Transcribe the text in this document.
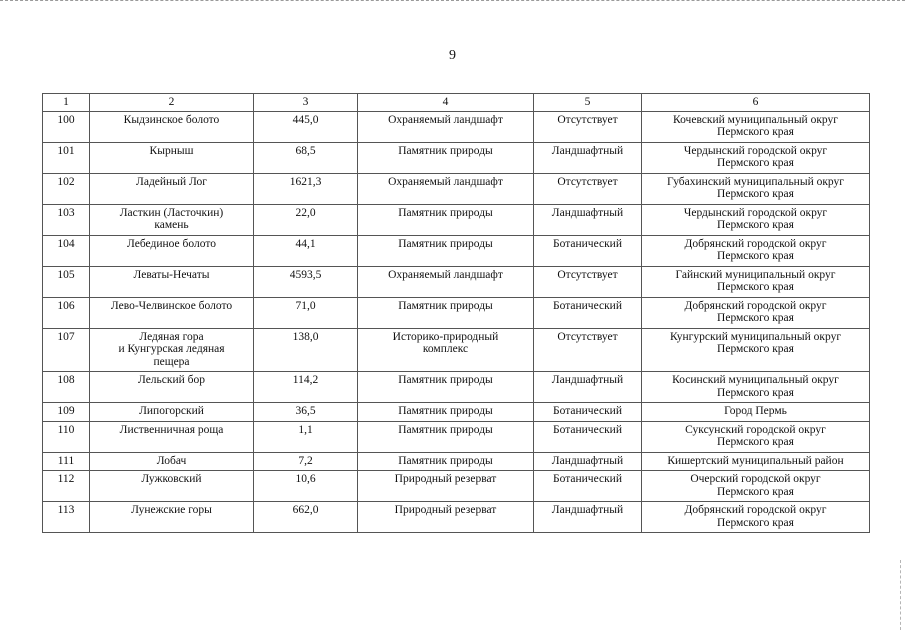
9
1	2	3	4	5	6
100	Кыдзинское болото	445,0	Охраняемый ландшафт	Отсутствует	Кочевский муниципальный округ
Пермского края
101	Кырныш	68,5	Памятник природы	Ландшафтный	Чердынский городской округ
Пермского края
102	Ладейный Лог	1621,3	Охраняемый ландшафт	Отсутствует	Губахинский муниципальный округ
Пермского края
103	Ласткин (Ласточкин)
камень	22,0	Памятник природы	Ландшафтный	Чердынский городской округ
Пермского края
104	Лебединое болото	44,1	Памятник природы	Ботанический	Добрянский городской округ
Пермского края
105	Леваты-Нечаты	4593,5	Охраняемый ландшафт	Отсутствует	Гайнский муниципальный округ
Пермского края
106	Лево-Челвинское болото	71,0	Памятник природы	Ботанический	Добрянский городской округ
Пермского края
107	Ледяная гора
и Кунгурская ледяная
пещера	138,0	Историко-природный
комплекс	Отсутствует	Кунгурский муниципальный округ
Пермского края
108	Лельский бор	114,2	Памятник природы	Ландшафтный	Косинский муниципальный округ
Пермского края
109	Липогорский	36,5	Памятник природы	Ботанический	Город Пермь
110	Лиственничная роща	1,1	Памятник природы	Ботанический	Суксунский городской округ
Пермского края
111	Лобач	7,2	Памятник природы	Ландшафтный	Кишертский муниципальный район
112	Лужковский	10,6	Природный резерват	Ботанический	Очерский городской округ
Пермского края
113	Лунежские горы	662,0	Природный резерват	Ландшафтный	Добрянский городской округ
Пермского края
